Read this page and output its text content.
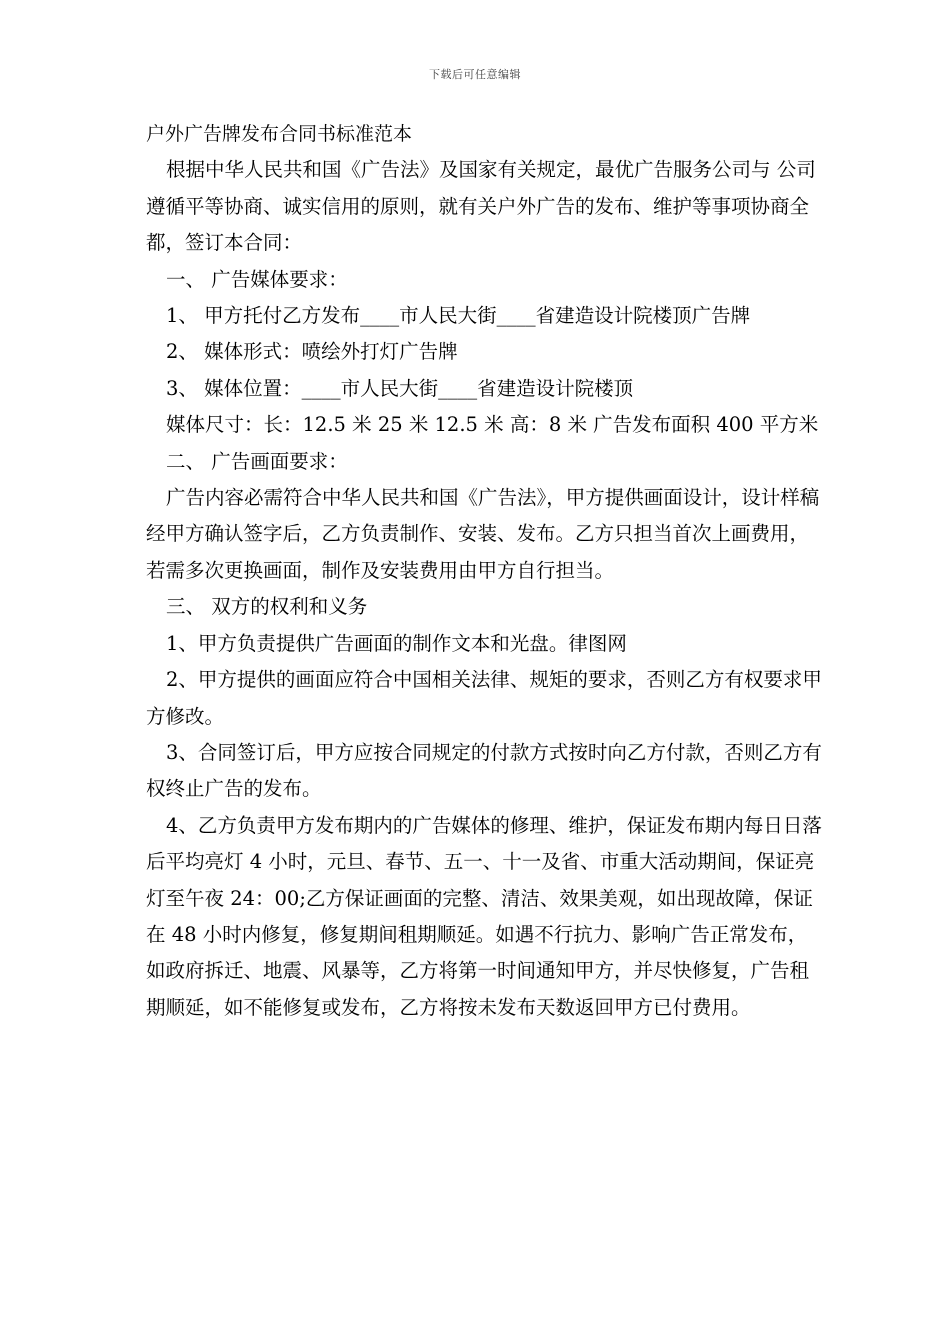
下载后可任意编辑

户外广告牌发布合同书标准范本

根据中华人民共和国《广告法》及国家有关规定，最优广告服务公司与 公司遵循平等协商、诚实信用的原则，就有关户外广告的发布、维护等事项协商全都，签订本合同：

一、 广告媒体要求：

1、 甲方托付乙方发布____市人民大街____省建造设计院楼顶广告牌

2、 媒体形式：喷绘外打灯广告牌

3、 媒体位置：____市人民大街____省建造设计院楼顶

媒体尺寸：长：12.5 米 25 米 12.5 米 高：8 米 广告发布面积 400 平方米

二、 广告画面要求：

广告内容必需符合中华人民共和国《广告法》，甲方提供画面设计，设计样稿经甲方确认签字后，乙方负责制作、安装、发布。乙方只担当首次上画费用，若需多次更换画面，制作及安装费用由甲方自行担当。

三、 双方的权利和义务

1、甲方负责提供广告画面的制作文本和光盘。律图网

2、甲方提供的画面应符合中国相关法律、规矩的要求，否则乙方有权要求甲方修改。

3、合同签订后，甲方应按合同规定的付款方式按时向乙方付款，否则乙方有权终止广告的发布。

4、乙方负责甲方发布期内的广告媒体的修理、维护，保证发布期内每日日落后平均亮灯 4 小时，元旦、春节、五一、十一及省、市重大活动期间，保证亮灯至午夜 24：00;乙方保证画面的完整、清洁、效果美观，如出现故障，保证在 48 小时内修复，修复期间租期顺延。如遇不行抗力、影响广告正常发布，如政府拆迁、地震、风暴等，乙方将第一时间通知甲方，并尽快修复，广告租期顺延，如不能修复或发布，乙方将按未发布天数返回甲方已付费用。
